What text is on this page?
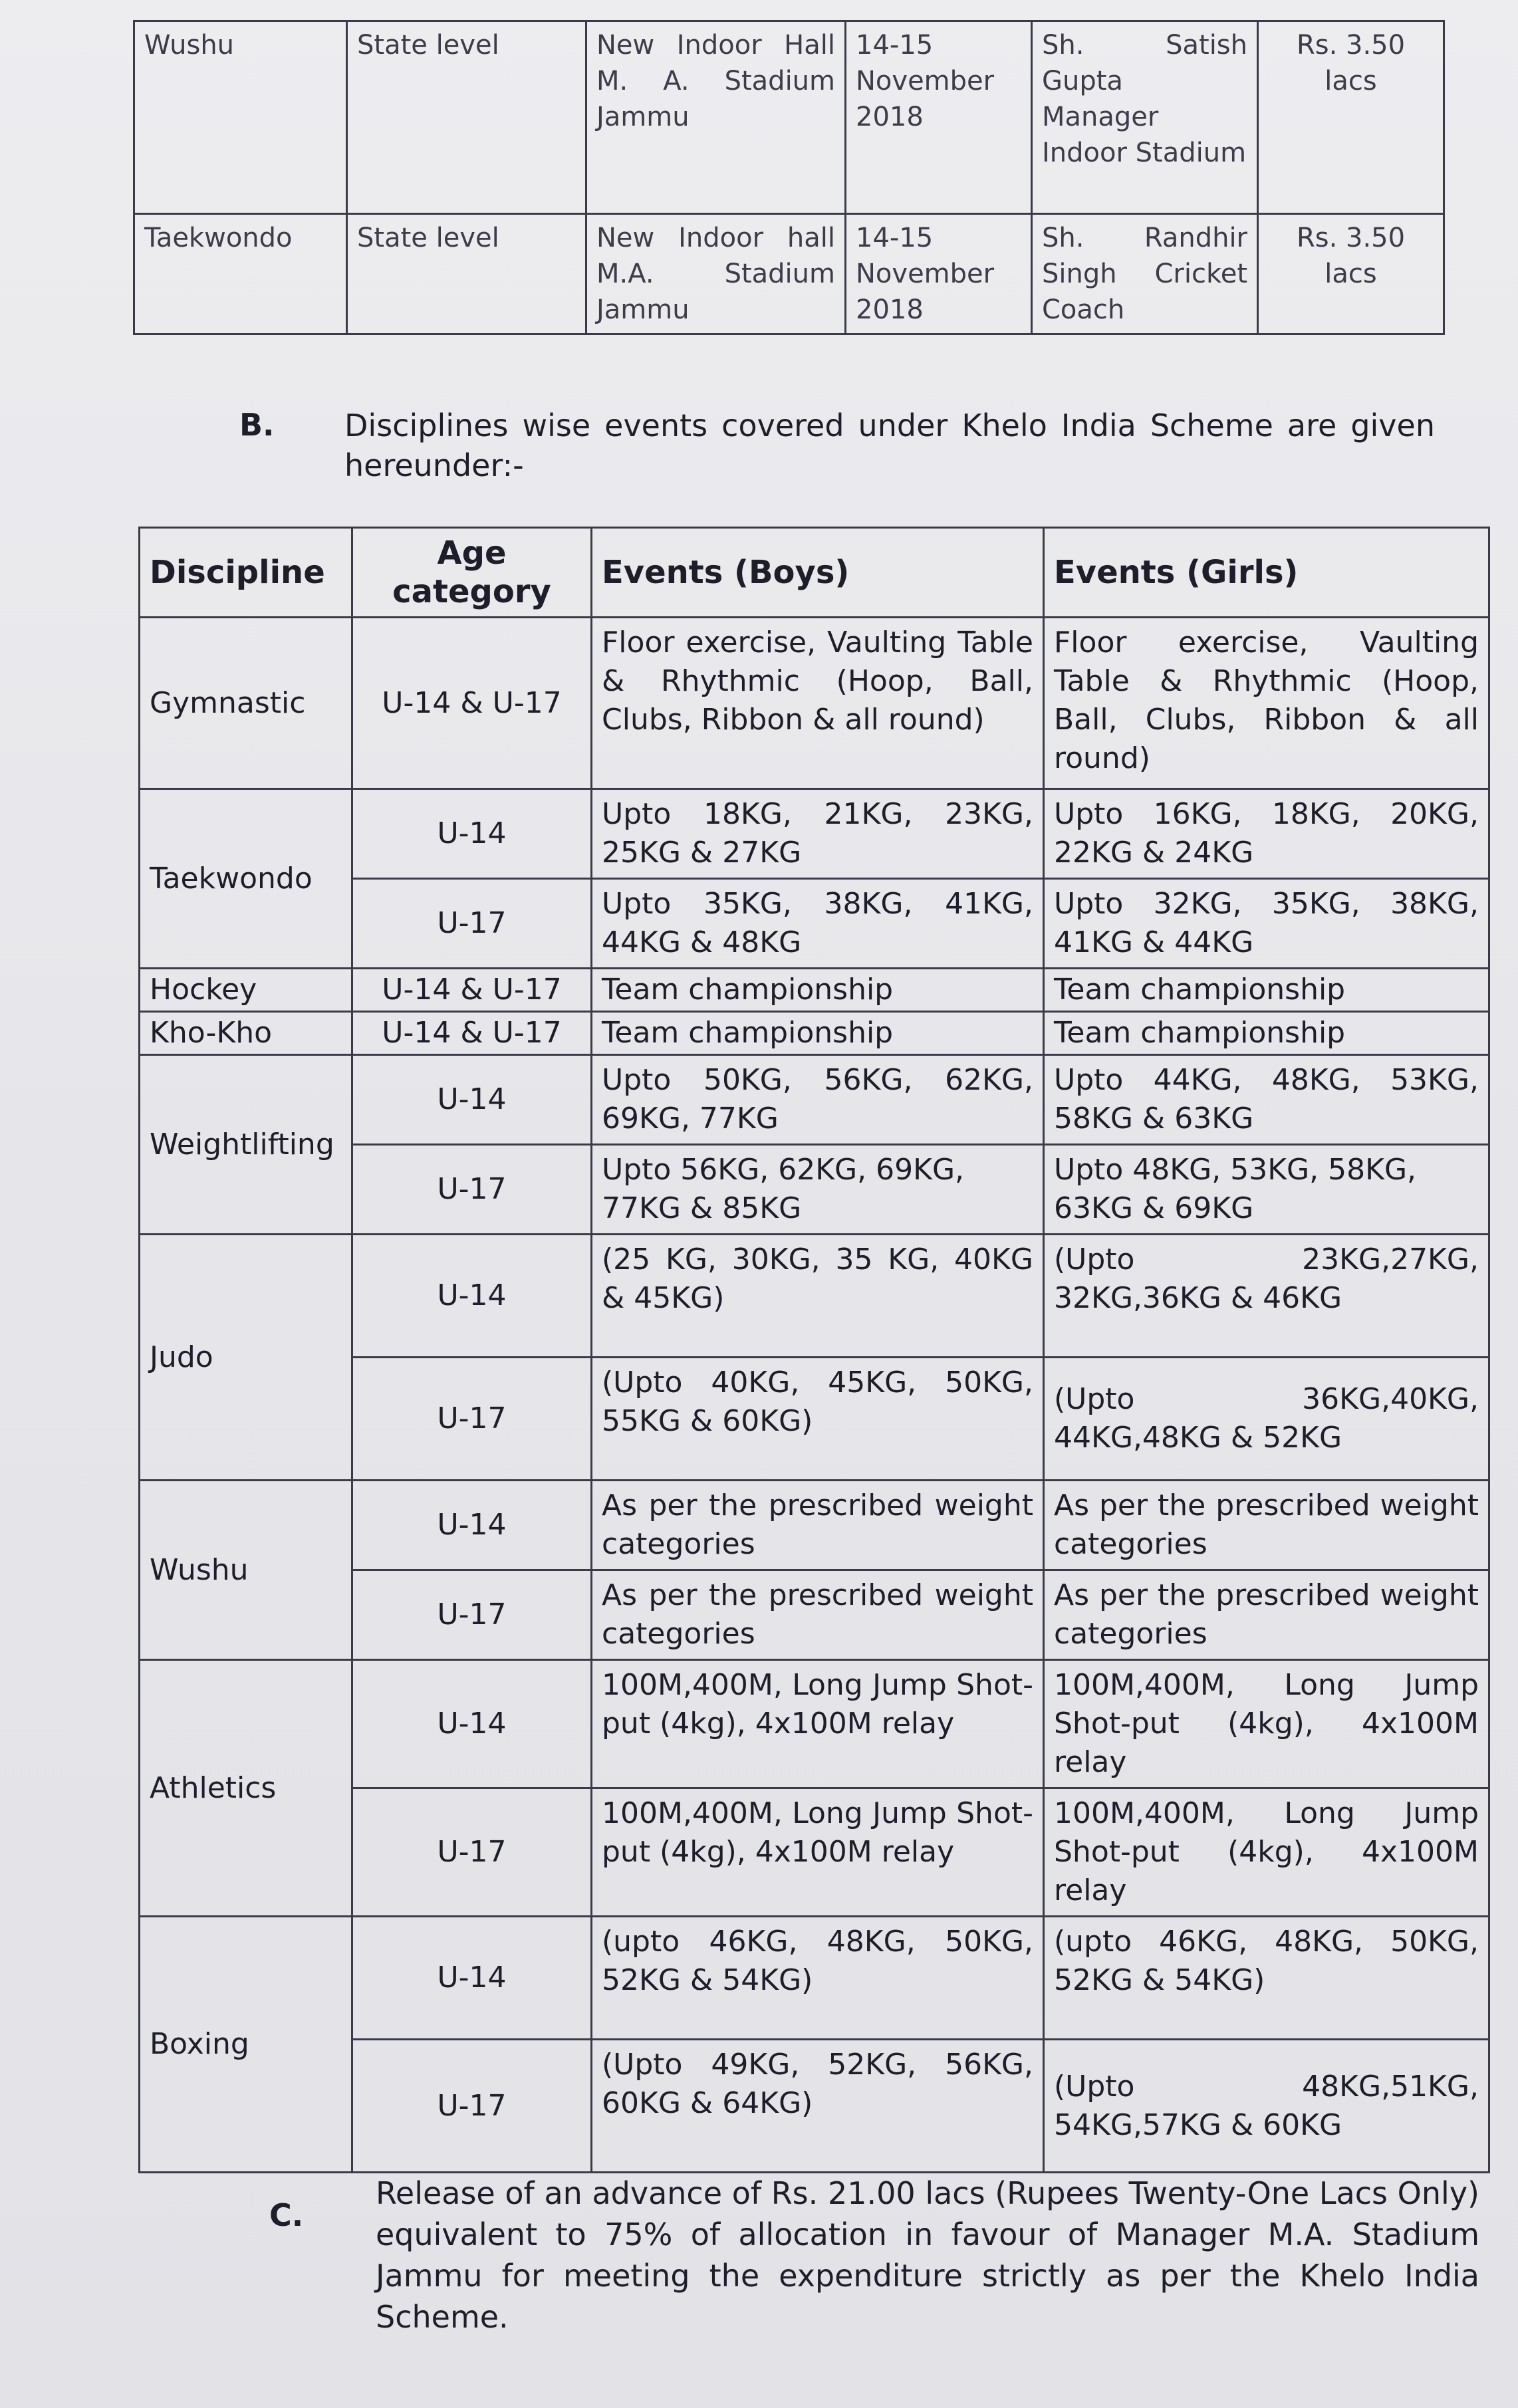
Wushu	State level	New Indoor Hall M. A. Stadium Jammu	14-15 November 2018	Sh. Satish Gupta Manager Indoor Stadium	Rs. 3.50 lacs
Taekwondo	State level	New Indoor hall M.A. Stadium Jammu	14-15 November 2018	Sh. Randhir Singh Cricket Coach	Rs. 3.50 lacs
B. Disciplines wise events covered under Khelo India Scheme are given hereunder:-
Discipline	Age category	Events (Boys)	Events (Girls)
Gymnastic	U-14 & U-17	Floor exercise, Vaulting Table & Rhythmic (Hoop, Ball, Clubs, Ribbon & all round)	Floor exercise, Vaulting Table & Rhythmic (Hoop, Ball, Clubs, Ribbon & all round)
Taekwondo	U-14	Upto 18KG, 21KG, 23KG, 25KG & 27KG	Upto 16KG, 18KG, 20KG, 22KG & 24KG
	U-17	Upto 35KG, 38KG, 41KG, 44KG & 48KG	Upto 32KG, 35KG, 38KG, 41KG & 44KG
Hockey	U-14 & U-17	Team championship	Team championship
Kho-Kho	U-14 & U-17	Team championship	Team championship
Weightlifting	U-14	Upto 50KG, 56KG, 62KG, 69KG, 77KG	Upto 44KG, 48KG, 53KG, 58KG & 63KG
	U-17	Upto 56KG, 62KG, 69KG, 77KG & 85KG	Upto 48KG, 53KG, 58KG, 63KG & 69KG
Judo	U-14	(25 KG, 30KG, 35 KG, 40KG & 45KG)	(Upto 23KG,27KG, 32KG,36KG & 46KG
	U-17	(Upto 40KG, 45KG, 50KG, 55KG & 60KG)	(Upto 36KG,40KG, 44KG,48KG & 52KG
Wushu	U-14	As per the prescribed weight categories	As per the prescribed weight categories
	U-17	As per the prescribed weight categories	As per the prescribed weight categories
Athletics	U-14	100M,400M, Long Jump Shot-put (4kg), 4x100M relay	100M,400M, Long Jump Shot-put (4kg), 4x100M relay
	U-17	100M,400M, Long Jump Shot-put (4kg), 4x100M relay	100M,400M, Long Jump Shot-put (4kg), 4x100M relay
Boxing	U-14	(upto 46KG, 48KG, 50KG, 52KG & 54KG)	(upto 46KG, 48KG, 50KG, 52KG & 54KG)
	U-17	(Upto 49KG, 52KG, 56KG, 60KG & 64KG)	(Upto 48KG,51KG, 54KG,57KG & 60KG
C.
Release of an advance of Rs. 21.00 lacs (Rupees Twenty-One Lacs Only) equivalent to 75% of allocation in favour of Manager M.A. Stadium Jammu for meeting the expenditure strictly as per the Khelo India Scheme.
